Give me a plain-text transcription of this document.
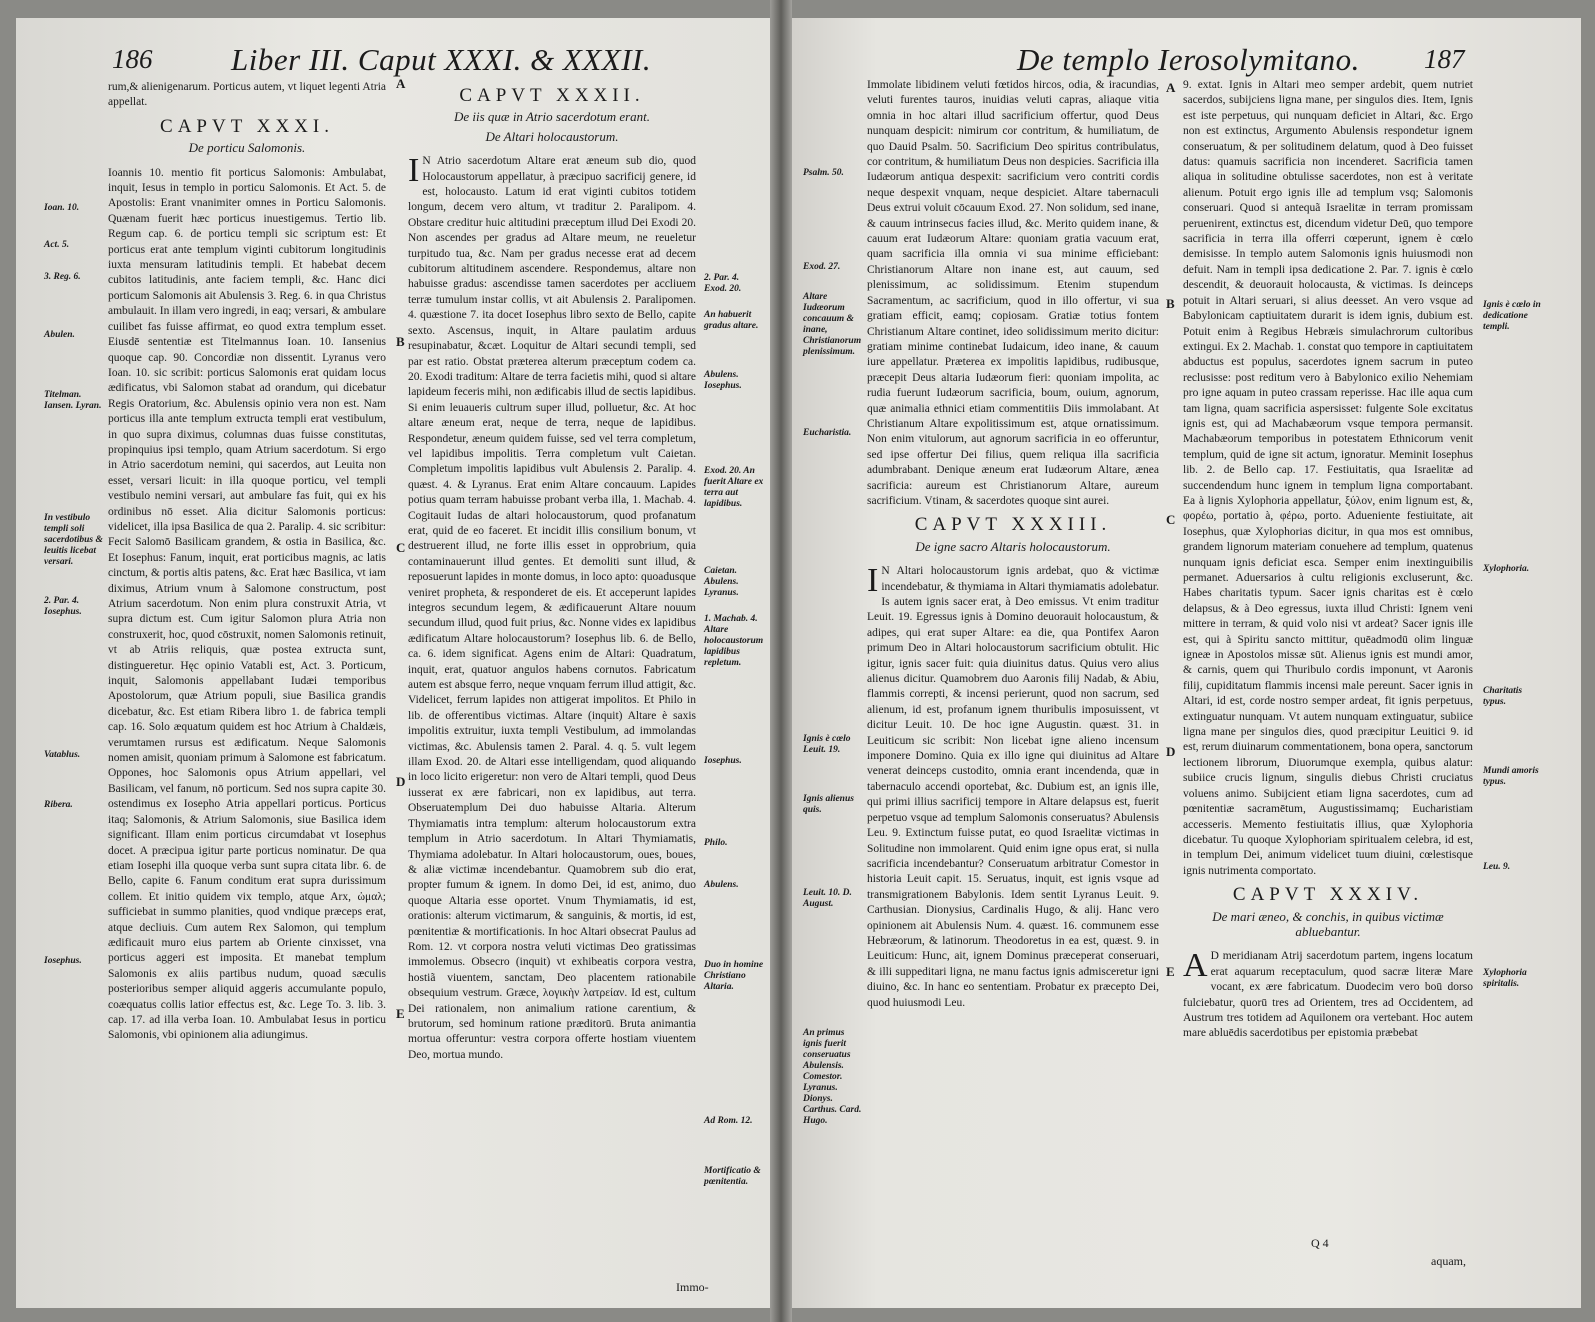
186	Liber III. Caput XXXI. & XXXII.

rum,& alienigenarum. Porticus autem, vt liquet legenti Atria appellat.

CAPVT XXXI.
De porticu Salomonis.

Ioannis 10. mentio fit porticus Salomonis: Ambulabat, inquit, Iesus in templo in porticu Salomonis. Et Act. 5. de Apostolis: Erant vnanimiter omnes in Porticu Salomonis. Quænam fuerit hæc porticus inuestigemus. Tertio lib. Regum cap. 6. de porticu templi sic scriptum est: Et porticus erat ante templum viginti cubitorum longitudinis iuxta mensuram latitudinis templi. Et habebat decem cubitos latitudinis, ante faciem templi, &c. Hanc dici porticum Salomonis ait Abulensis 3. Reg. 6. in qua Christus ambulauit. In illam vero ingredi, in eaq; versari, & ambulare cuilibet fas fuisse affirmat, eo quod extra templum esset. Eiusdē sententiæ est Titelmannus Ioan. 10. Iansenius quoque cap. 90. Concordiæ non dissentit. Lyranus vero Ioan. 10. sic scribit: porticus Salomonis erat quidam locus ædificatus, vbi Salomon stabat ad orandum, qui dicebatur Regis Oratorium, &c. Abulensis opinio vera non est. Nam porticus illa ante templum extructa templi erat vestibulum, in quo supra diximus, columnas duas fuisse constitutas, propinquius ipsi templo, quam Atrium sacerdotum. Si ergo in Atrio sacerdotum nemini, qui sacerdos, aut Leuita non esset, versari licuit: in illa quoque porticu, vel templi vestibulo nemini versari, aut ambulare fas fuit, qui ex his ordinibus nō esset. Alia dicitur Salomonis porticus: videlicet, illa ipsa Basilica de qua 2. Paralip. 4. sic scribitur: Fecit Salomō Basilicam grandem, & ostia in Basilica, &c. Et Iosephus: Fanum, inquit, erat porticibus magnis, ac latis cinctum, & portis altis patens, &c. Erat hæc Basilica, vt iam diximus, Atrium vnum à Salomone constructum, post Atrium sacerdotum. Non enim plura construxit Atria, vt supra dictum est. Cum igitur Salomon plura Atria non construxerit, hoc, quod cōstruxit, nomen Salomonis retinuit, vt ab Atriis reliquis, quæ postea extructa sunt, distingueretur. Hęc opinio Vatabli est, Act. 3. Porticum, inquit, Salomonis appellabant Iudæi temporibus Apostolorum, quæ Atrium populi, siue Basilica grandis dicebatur, &c. Est etiam Ribera libro 1. de fabrica templi cap. 16. Solo æquatum quidem est hoc Atrium à Chaldæis, verumtamen rursus est ædificatum. Neque Salomonis nomen amisit, quoniam primum à Salomone est fabricatum. Oppones, hoc Salomonis opus Atrium appellari, vel Basilicam, vel fanum, nō porticum. Sed nos supra capite 30. ostendimus ex Iosepho Atria appellari porticus. Porticus itaq; Salomonis, & Atrium Salomonis, siue Basilica idem significant. Illam enim porticus circumdabat vt Iosephus docet. A præcipua igitur parte porticus nominatur. De qua etiam Iosephi illa quoque verba sunt supra citata libr. 6. de Bello, capite 6. Fanum conditum erat supra durissimum collem. Et initio quidem vix templo, atque Arx, ὡμαλ; sufficiebat in summo planities, quod vndique præceps erat, atque decliuis. Cum autem Rex Salomon, qui templum ædificauit muro eius partem ab Oriente cinxisset, vna porticus aggeri est imposita. Et manebat templum Salomonis ex aliis partibus nudum, quoad sæculis posterioribus semper aliquid aggeris accumulante populo, coæquatus collis latior effectus est, &c. Lege To. 3. lib. 3. cap. 17. ad illa verba Ioan. 10. Ambulabat Iesus in porticu Salomonis, vbi opinionem alia adiungimus.

CAPVT XXXII.
De iis quæ in Atrio sacerdotum erant.
De Altari holocaustorum.

I N Atrio sacerdotum Altare erat æneum sub dio, quod Holocaustorum appellatur, à præcipuo sacrificij genere, id est, holocausto. Latum id erat viginti cubitos totidem longum, decem vero altum, vt traditur 2. Paralipom. 4. Obstare creditur huic altitudini præceptum illud Dei Exodi 20. Non ascendes per gradus ad Altare meum, ne reueletur turpitudo tua, &c. Nam per gradus necesse erat ad decem cubitorum altitudinem ascendere. Respondemus, altare non habuisse gradus: ascendisse tamen sacerdotes per accliuem terræ tumulum instar collis, vt ait Abulensis 2. Paralipomen. 4. quæstione 7. ita docet Iosephus libro sexto de Bello, capite sexto. Ascensus, inquit, in Altare paulatim arduus resupinabatur, &cæt. Loquitur de Altari secundi templi, sed par est ratio. Obstat præterea alterum præceptum codem ca. 20. Exodi traditum: Altare de terra facietis mihi, quod si altare lapideum feceris mihi, non ædificabis illud de sectis lapidibus. Si enim leuaueris cultrum super illud, polluetur, &c. At hoc altare æneum erat, neque de terra, neque de lapidibus. Respondetur, æneum quidem fuisse, sed vel terra completum, vel lapidibus impolitis. Terra completum vult Caietan. Completum impolitis lapidibus vult Abulensis 2. Paralip. 4. quæst. 4. & Lyranus. Erat enim Altare concauum. Lapides potius quam terram habuisse probant verba illa, 1. Machab. 4. Cogitauit Iudas de altari holocaustorum, quod profanatum erat, quid de eo faceret. Et incidit illis consilium bonum, vt destruerent illud, ne forte illis esset in opprobrium, quia contaminauerunt illud gentes. Et demoliti sunt illud, & reposuerunt lapides in monte domus, in loco apto: quoadusque veniret propheta, & responderet de eis. Et acceperunt lapides integros secundum legem, & ædificauerunt Altare nouum secundum illud, quod fuit prius, &c. Nonne vides ex lapidibus ædificatum Altare holocaustorum? Iosephus lib. 6. de Bello, ca. 6. idem significat. Agens enim de Altari: Quadratum, inquit, erat, quatuor angulos habens cornutos. Fabricatum autem est absque ferro, neque vnquam ferrum illud attigit, &c. Videlicet, ferrum lapides non attigerat impolitos. Et Philo in lib. de offerentibus victimas. Altare (inquit) Altare è saxis impolitis extruitur, iuxta templi Vestibulum, ad immolandas victimas, &c. Abulensis tamen 2. Paral. 4. q. 5. vult legem illam Exod. 20. de Altari esse intelligendam, quod aliquando in loco licito erigeretur: non vero de Altari templi, quod Deus iusserat ex ære fabricari, non ex lapidibus, aut terra. Obseruatemplum Dei duo habuisse Altaria. Alterum Thymiamatis intra templum: alterum holocaustorum extra templum in Atrio sacerdotum. In Altari Thymiamatis, Thymiama adolebatur. In Altari holocaustorum, oues, boues, & aliæ victimæ incendebantur. Quamobrem sub dio erat, propter fumum & ignem. In domo Dei, id est, animo, duo quoque Altaria esse oportet. Vnum Thymiamatis, id est, orationis: alterum victimarum, & sanguinis, & mortis, id est, pœnitentiæ & mortificationis. In hoc Altari obsecrat Paulus ad Rom. 12. vt corpora nostra veluti victimas Deo gratissimas immolemus. Obsecro (inquit) vt exhibeatis corpora vestra, hostiã viuentem, sanctam, Deo placentem rationabile obsequium vestrum. Græce, λογικὴν λατρείαν. Id est, cultum Dei rationalem, non animalium ratione carentium, & brutorum, sed hominum ratione præditorū. Bruta animantia mortua offeruntur: vestra corpora offerte hostiam viuentem Deo, mortua mundo.

Ioan. 10.
Act. 5.
3. Reg. 6.
Abulen.
Titelman. Iansen. Lyran.
In vestibulo templi soli sacerdotibus & leuitis licebat versari.
2. Par. 4. Iosephus.
Vatablus.
Ribera.
Iosephus.
2. Par. 4. Exod. 20.
An habuerit gradus altare.
Abulens. Iosephus.
Exod. 20. An fuerit Altare ex terra aut lapidibus.
Caietan. Abulens. Lyranus.
1. Machab. 4. Altare holocaustorum lapidibus repletum.
Iosephus.
Philo.
Abulens.
Duo in homine Christiano Altaria.
Ad Rom. 12.
Mortificatio & pœnitentia.
A
B
C
D
E
Immo-
De templo Ierosolymitano. 187

Immolate libidinem veluti fœtidos hircos, odia, & iracundias, veluti furentes tauros, inuidias veluti capras, aliaque vitia omnia in hoc altari illud sacrificium offertur, quod Deus nunquam despicit: nimirum cor contritum, & humiliatum, de quo Dauid Psalm. 50. Sacrificium Deo spiritus contribulatus, cor contritum, & humiliatum Deus non despicies. Sacrificia illa Iudæorum antiqua despexit: sacrificium vero contriti cordis neque despexit vnquam, neque despiciet. Altare tabernaculi Deus extrui voluit cōcauum Exod. 27. Non solidum, sed inane, & cauum intrinsecus facies illud, &c. Merito quidem inane, & cauum erat Iudæorum Altare: quoniam gratia vacuum erat, quam sacrificia illa omnia vi sua minime efficiebant: Christianorum Altare non inane est, aut cauum, sed plenissimum, ac solidissimum. Etenim stupendum Sacramentum, ac sacrificium, quod in illo offertur, vi sua gratiam efficit, eamq; copiosam. Gratiæ totius fontem Christianum Altare continet, ideo solidissimum merito dicitur: gratiam minime continebat Iudaicum, ideo inane, & cauum iure appellatur. Præterea ex impolitis lapidibus, rudibusque, præcepit Deus altaria Iudæorum fieri: quoniam impolita, ac rudia fuerunt Iudæorum sacrificia, boum, ouium, agnorum, quæ animalia ethnici etiam commentitiis Diis immolabant. At Christianum Altare expolitissimum est, atque ornatissimum. Non enim vitulorum, aut agnorum sacrificia in eo offeruntur, sed ipse offertur Dei filius, quem reliqua illa sacrificia adumbrabant. Denique æneum erat Iudæorum Altare, ænea sacrificia: aureum est Christianorum Altare, aureum sacrificium. Vtinam, & sacerdotes quoque sint aurei.

CAPVT XXXIII.
De igne sacro Altaris holocaustorum.

I N Altari holocaustorum ignis ardebat, quo & victimæ incendebatur, & thymiama in Altari thymiamatis adolebatur. Is autem ignis sacer erat, à Deo emissus. Vt enim traditur Leuit. 19. Egressus ignis à Domino deuorauit holocaustum, & adipes, qui erat super Altare: ea die, qua Pontifex Aaron primum Deo in Altari holocaustorum sacrificium obtulit. Hic igitur, ignis sacer fuit: quia diuinitus datus. Quius vero alius alienus dicitur. Quamobrem duo Aaronis filij Nadab, & Abiu, flammis correpti, & incensi perierunt, quod non sacrum, sed alienum, id est, profanum ignem thuribulis imposuissent, vt dicitur Leuit. 10. De hoc igne Augustin. quæst. 31. in Leuiticum sic scribit: Non licebat igne alieno incensum imponere Domino. Quia ex illo igne qui diuinitus ad Altare venerat deinceps custodito, omnia erant incendenda, quæ in tabernaculo accendi oportebat, &c. Dubium est, an ignis ille, qui primi illius sacrificij tempore in Altare delapsus est, fuerit perpetuo vsque ad templum Salomonis conseruatus? Abulensis Leu. 9. Extinctum fuisse putat, eo quod Israelitæ victimas in Solitudine non immolarent. Quid enim igne opus erat, si nulla sacrificia incendebantur? Conseruatum arbitratur Comestor in historia Leuit capit. 15. Seruatus, inquit, est ignis vsque ad transmigrationem Babylonis. Idem sentit Lyranus Leuit. 9. Carthusian. Dionysius, Cardinalis Hugo, & alij. Hanc vero opinionem ait Abulensis Num. 4. quæst. 16. communem esse Hebræorum, & latinorum. Theodoretus in ea est, quæst. 9. in Leuiticum: Hunc, ait, ignem Dominus præceperat conseruari, & illi suppeditari ligna, ne manu factus ignis admisceretur igni diuino, &c. In hanc eo sententiam. Probatur ex præcepto Dei, quod huiusmodi Leu.

9. extat. Ignis in Altari meo semper ardebit, quem nutriet sacerdos, subijciens ligna mane, per singulos dies. Item, Ignis est iste perpetuus, qui nunquam deficiet in Altari, &c. Ergo non est extinctus, Argumento Abulensis respondetur ignem conseruatum, & per solitudinem delatum, quod à Deo fuisset datus: quamuis sacrificia non incenderet. Sacrificia tamen aliqua in solitudine obtulisse sacerdotes, non est à veritate alienum. Potuit ergo ignis ille ad templum vsq; Salomonis conseruari. Quod si antequã Israelitæ in terram promissam peruenirent, extinctus est, dicendum videtur Deū, quo tempore sacrificia in terra illa offerri cœperunt, ignem è cœlo demisisse. In templo autem Salomonis ignis huiusmodi non defuit. Nam in templi ipsa dedicatione 2. Par. 7. ignis è cœlo descendit, & deuorauit holocausta, & victimas. Is deinceps potuit in Altari seruari, si alius deesset. An vero vsque ad Babylonicam captiuitatem durarit is idem ignis, dubium est. Potuit enim à Regibus Hebræis simulachrorum cultoribus extingui. Ex 2. Machab. 1. constat quo tempore in captiuitatem abductus est populus, sacerdotes ignem sacrum in puteo reclusisse: post reditum vero à Babylonico exilio Nehemiam pro igne aquam in puteo crassam reperisse. Hac ille aqua cum tam ligna, quam sacrificia aspersisset: fulgente Sole excitatus ignis est, qui ad Machabæorum vsque tempora permansit. Machabæorum temporibus in potestatem Ethnicorum venit templum, quid de igne sit actum, ignoratur. Meminit Iosephus lib. 2. de Bello cap. 17. Festiuitatis, qua Israelitæ ad succendendum hunc ignem in templum ligna comportabant. Ea à lignis Xylophoria appellatur, ξύλον, enim lignum est, &, φορέω, portatio à, φέρω, porto. Adueniente festiuitate, ait Iosephus, quæ Xylophorias dicitur, in qua mos est omnibus, grandem lignorum materiam conuehere ad templum, quatenus nunquam ignis deficiat esca. Semper enim inextinguibilis permanet. Aduersarios à cultu religionis excluserunt, &c. Habes charitatis typum. Sacer ignis charitas est è cœlo delapsus, & à Deo egressus, iuxta illud Christi: Ignem veni mittere in terram, & quid volo nisi vt ardeat? Sacer ignis ille est, qui à Spiritu sancto mittitur, quēadmodū olim linguæ igneæ in Apostolos missæ sūt. Alienus ignis est mundi amor, & carnis, quem qui Thuribulo cordis imponunt, vt Aaronis filij, cupiditatum flammis incensi male pereunt. Sacer ignis in Altari, id est, corde nostro semper ardeat, fit ignis perpetuus, extinguatur nunquam. Vt autem nunquam extinguatur, subiice ligna mane per singulos dies, quod præcipitur Leuitici 9. id est, rerum diuinarum commentationem, bona opera, sanctorum lectionem librorum, Diuorumque exempla, quibus alatur: subiice crucis lignum, singulis diebus Christi cruciatus voluens animo. Subijcient etiam ligna sacerdotes, cum ad pœnitentiæ sacramētum, Augustissimamq; Eucharistiam accesseris. Memento festiuitatis illius, quæ Xylophoria dicebatur. Tu quoque Xylophoriam spiritualem celebra, id est, in templum Dei, animum videlicet tuum diuini, cœlestisque ignis nutrimenta comportato.

CAPVT XXXIV.
De mari æneo, & conchis, in quibus victimæ abluebantur.

A D meridianam Atrij sacerdotum partem, ingens locatum erat aquarum receptaculum, quod sacræ literæ Mare vocant, ex ære fabricatum. Duodecim vero boū dorso fulciebatur, quorū tres ad Orientem, tres ad Occidentem, ad Austrum tres totidem ad Aquilonem ora vertebant. Hoc autem mare abluēdis sacerdotibus per epistomia præbebat

Psalm. 50.
Exod. 27.
Altare Iudæorum concauum & inane, Christianorum plenissimum.
Eucharistia.
Ignis è cœlo Leuit. 19.
Ignis alienus quis.
Leuit. 10. D. August.
An primus ignis fuerit conseruatus Abulensis. Comestor. Lyranus. Dionys. Carthus. Card. Hugo.
Ignis è cœlo in dedicatione templi.
Xylophoria.
Charitatis typus.
Mundi amoris typus.
Leu. 9.
Xylophoria spiritalis.
A
B
C
D
E
Q 4
aquam,
